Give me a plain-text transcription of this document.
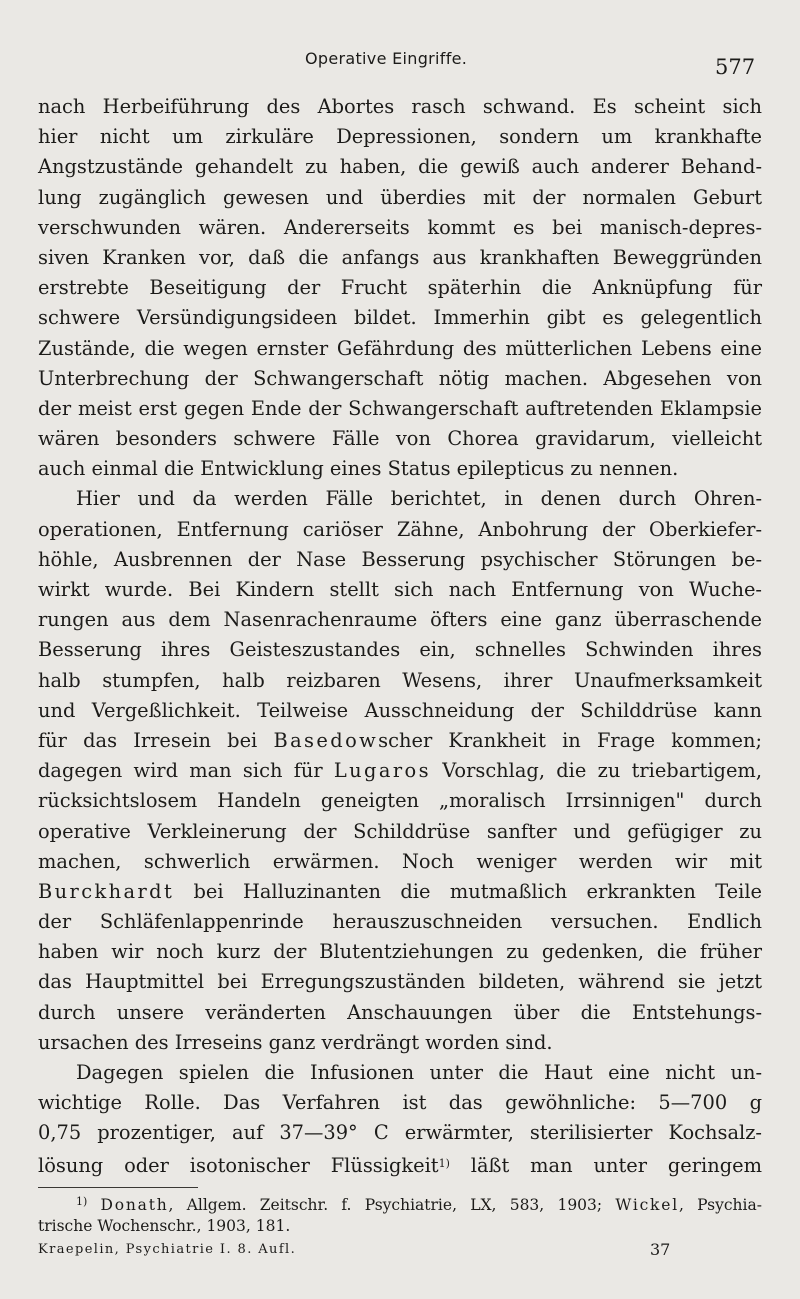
Operative Eingriffe.	577
nach Herbeiführung des Abortes rasch schwand. Es scheint sich
hier nicht um zirkuläre Depressionen, sondern um krankhafte
Angstzustände gehandelt zu haben, die gewiß auch anderer Behand-
lung zugänglich gewesen und überdies mit der normalen Geburt
verschwunden wären. Andererseits kommt es bei manisch-depres-
siven Kranken vor, daß die anfangs aus krankhaften Beweggründen
erstrebte Beseitigung der Frucht späterhin die Anknüpfung für
schwere Versündigungsideen bildet. Immerhin gibt es gelegentlich
Zustände, die wegen ernster Gefährdung des mütterlichen Lebens eine
Unterbrechung der Schwangerschaft nötig machen. Abgesehen von
der meist erst gegen Ende der Schwangerschaft auftretenden Eklampsie
wären besonders schwere Fälle von Chorea gravidarum, vielleicht
auch einmal die Entwicklung eines Status epilepticus zu nennen.
Hier und da werden Fälle berichtet, in denen durch Ohren-
operationen, Entfernung cariöser Zähne, Anbohrung der Oberkiefer-
höhle, Ausbrennen der Nase Besserung psychischer Störungen be-
wirkt wurde. Bei Kindern stellt sich nach Entfernung von Wuche-
rungen aus dem Nasenrachenraume öfters eine ganz überraschende
Besserung ihres Geisteszustandes ein, schnelles Schwinden ihres
halb stumpfen, halb reizbaren Wesens, ihrer Unaufmerksamkeit
und Vergeßlichkeit. Teilweise Ausschneidung der Schilddrüse kann
für das Irresein bei Basedowscher Krankheit in Frage kommen;
dagegen wird man sich für Lugaros Vorschlag, die zu triebartigem,
rücksichtslosem Handeln geneigten „moralisch Irrsinnigen" durch
operative Verkleinerung der Schilddrüse sanfter und gefügiger zu
machen, schwerlich erwärmen. Noch weniger werden wir mit
Burckhardt bei Halluzinanten die mutmaßlich erkrankten Teile
der Schläfenlappenrinde herauszuschneiden versuchen. Endlich
haben wir noch kurz der Blutentziehungen zu gedenken, die früher
das Hauptmittel bei Erregungszuständen bildeten, während sie jetzt
durch unsere veränderten Anschauungen über die Entstehungs-
ursachen des Irreseins ganz verdrängt worden sind.
Dagegen spielen die Infusionen unter die Haut eine nicht un-
wichtige Rolle. Das Verfahren ist das gewöhnliche: 5—700 g
0,75 prozentiger, auf 37—39° C erwärmter, sterilisierter Kochsalz-
lösung oder isotonischer Flüssigkeit$^{1)}$ läßt man unter geringem
$^{1)}$ Donath, Allgem. Zeitschr. f. Psychiatrie, LX, 583, 1903; Wickel, Psychia-
trische Wochenschr., 1903, 181.
Kraepelin, Psychiatrie I. 8. Aufl.	37
